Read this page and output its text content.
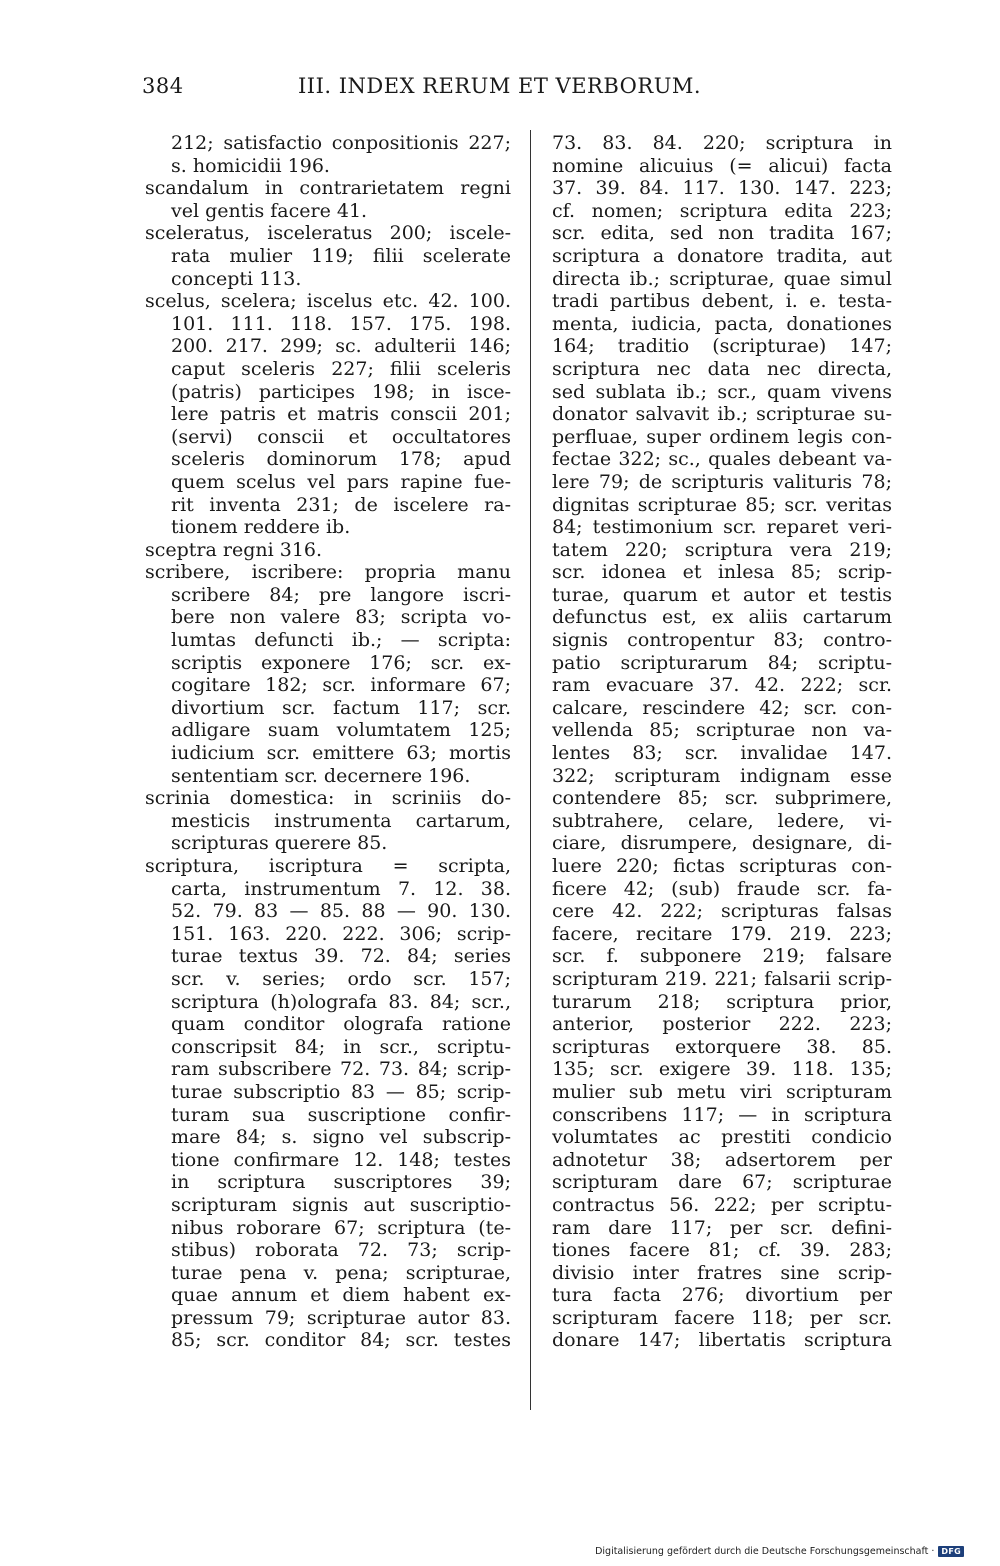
384	III. INDEX RERUM ET VERBORUM.
212; satisfactio conpositionis 227;
s. homicidii 196.
scandalum in contrarietatem regni
vel gentis facere 41.
sceleratus, isceleratus 200; iscele-
rata mulier 119; filii scelerate
concepti 113.
scelus, scelera; iscelus etc. 42. 100.
101. 111. 118. 157. 175. 198.
200. 217. 299; sc. adulterii 146;
caput sceleris 227; filii sceleris
(patris) participes 198; in isce-
lere patris et matris conscii 201;
(servi) conscii et occultatores
sceleris dominorum 178; apud
quem scelus vel pars rapine fue-
rit inventa 231; de iscelere ra-
tionem reddere ib.
sceptra regni 316.
scribere, iscribere: propria manu
scribere 84; pre langore iscri-
bere non valere 83; scripta vo-
lumtas defuncti ib.; — scripta:
scriptis exponere 176; scr. ex-
cogitare 182; scr. informare 67;
divortium scr. factum 117; scr.
adligare suam volumtatem 125;
iudicium scr. emittere 63; mortis
sententiam scr. decernere 196.
scrinia domestica: in scriniis do-
mesticis instrumenta cartarum,
scripturas querere 85.
scriptura, iscriptura = scripta,
carta, instrumentum 7. 12. 38.
52. 79. 83 — 85. 88 — 90. 130.
151. 163. 220. 222. 306; scrip-
turae textus 39. 72. 84; series
scr. v. series; ordo scr. 157;
scriptura (h)olografa 83. 84; scr.,
quam conditor olografa ratione
conscripsit 84; in scr., scriptu-
ram subscribere 72. 73. 84; scrip-
turae subscriptio 83 — 85; scrip-
turam sua suscriptione confir-
mare 84; s. signo vel subscrip-
tione confirmare 12. 148; testes
in scriptura suscriptores 39;
scripturam signis aut suscriptio-
nibus roborare 67; scriptura (te-
stibus) roborata 72. 73; scrip-
turae pena v. pena; scripturae,
quae annum et diem habent ex-
pressum 79; scripturae autor 83.
85; scr. conditor 84; scr. testes
73. 83. 84. 220; scriptura in
nomine alicuius (= alicui) facta
37. 39. 84. 117. 130. 147. 223;
cf. nomen; scriptura edita 223;
scr. edita, sed non tradita 167;
scriptura a donatore tradita, aut
directa ib.; scripturae, quae simul
tradi partibus debent, i. e. testa-
menta, iudicia, pacta, donationes
164; traditio (scripturae) 147;
scriptura nec data nec directa,
sed sublata ib.; scr., quam vivens
donator salvavit ib.; scripturae su-
perfluae, super ordinem legis con-
fectae 322; sc., quales debeant va-
lere 79; de scripturis valituris 78;
dignitas scripturae 85; scr. veritas
84; testimonium scr. reparet veri-
tatem 220; scriptura vera 219;
scr. idonea et inlesa 85; scrip-
turae, quarum et autor et testis
defunctus est, ex aliis cartarum
signis contropentur 83; contro-
patio scripturarum 84; scriptu-
ram evacuare 37. 42. 222; scr.
calcare, rescindere 42; scr. con-
vellenda 85; scripturae non va-
lentes 83; scr. invalidae 147.
322; scripturam indignam esse
contendere 85; scr. subprimere,
subtrahere, celare, ledere, vi-
ciare, disrumpere, designare, di-
luere 220; fictas scripturas con-
ficere 42; (sub) fraude scr. fa-
cere 42. 222; scripturas falsas
facere, recitare 179. 219. 223;
scr. f. subponere 219; falsare
scripturam 219. 221; falsarii scrip-
turarum 218; scriptura prior,
anterior, posterior 222. 223;
scripturas extorquere 38. 85.
135; scr. exigere 39. 118. 135;
mulier sub metu viri scripturam
conscribens 117; — in scriptura
volumtates ac prestiti condicio
adnotetur 38; adsertorem per
scripturam dare 67; scripturae
contractus 56. 222; per scriptu-
ram dare 117; per scr. defini-
tiones facere 81; cf. 39. 283;
divisio inter fratres sine scrip-
tura facta 276; divortium per
scripturam facere 118; per scr.
donare 147; libertatis scriptura
Digitalisierung gefördert durch die Deutsche Forschungsgemeinschaft · DFG
